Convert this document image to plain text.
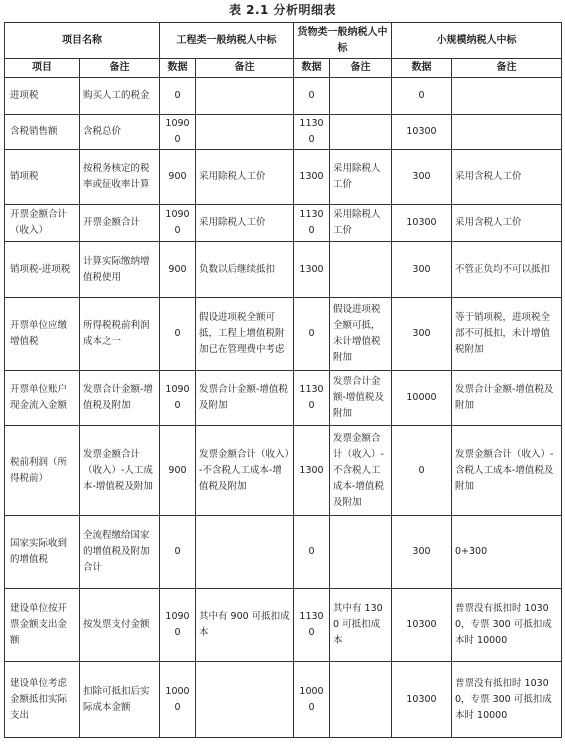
表 2.1 分析明细表
项目名称		工程类一般纳税人中标		货物类一般纳税人中标		小规模纳税人中标	
项目	备注	数据	备注	数据	备注	数据	备注
进项税	购买人工的税金	0		0		0	
含税销售额	含税总价	10900		11300		10300	
销项税	按税务核定的税率或征收率计算	900	采用除税人工价	1300	采用除税人工价	300	采用含税人工价
开票金额合计（收入）	开票金额合计	10900	采用除税人工价	11300	采用除税人工价	10300	采用含税人工价
销项税-进项税	计算实际缴纳增值税使用	900	负数以后继续抵扣	1300		300	不管正负均不可以抵扣
开票单位应缴增值税	所得税税前利润成本之一	0	假设进项税全额可抵，工程上增值税附加已在管理费中考虑	0	假设进项税全额可抵，未计增值税附加	300	等于销项税，进项税全部不可抵扣，未计增值税附加
开票单位账户现金流入金额	发票合计金额-增值税及附加	10900	发票合计金额-增值税及附加	11300	发票合计金额-增值税及附加	10000	发票合计金额-增值税及附加
税前利润（所得税前）	发票金额合计（收入）-人工成本-增值税及附加	900	发票金额合计（收入）-不含税人工成本-增值税及附加	1300	发票金额合计（收入）-不含税人工成本-增值税及附加	0	发票金额合计（收入）-含税人工成本-增值税及附加
国家实际收到的增值税	全流程缴给国家的增值税及附加合计	0		0		300	0+300
建设单位按开票金额支出金额	按发票支付金额	10900	其中有 900 可抵扣成本	11300	其中有 1300 可抵扣成本	10300	普票没有抵扣时 10300，专票 300 可抵扣成本时 10000
建设单位考虑金额抵扣实际支出	扣除可抵扣后实际成本金额	10000		10000		10300	普票没有抵扣时 10300，专票 300 可抵扣成本时 10000
